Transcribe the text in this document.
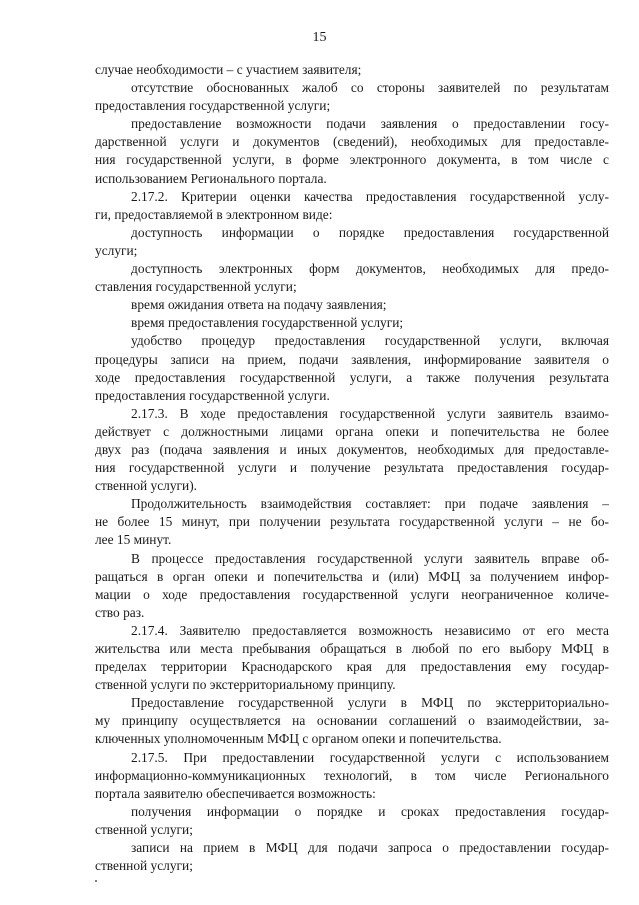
15
случае необходимости – с участием заявителя;
отсутствие обоснованных жалоб со стороны заявителей по результатам
предоставления государственной услуги;
предоставление возможности подачи заявления о предоставлении госу-
дарственной услуги и документов (сведений), необходимых для предоставле-
ния государственной услуги, в форме электронного документа, в том числе с
использованием Регионального портала.
2.17.2. Критерии оценки качества предоставления государственной услу-
ги, предоставляемой в электронном виде:
доступность информации о порядке предоставления государственной
услуги;
доступность электронных форм документов, необходимых для предо-
ставления государственной услуги;
время ожидания ответа на подачу заявления;
время предоставления государственной услуги;
удобство процедур предоставления государственной услуги, включая
процедуры записи на прием, подачи заявления, информирование заявителя о
ходе предоставления государственной услуги, а также получения результата
предоставления государственной услуги.
2.17.3. В ходе предоставления государственной услуги заявитель взаимо-
действует с должностными лицами органа опеки и попечительства не более
двух раз (подача заявления и иных документов, необходимых для предоставле-
ния государственной услуги и получение результата предоставления государ-
ственной услуги).
Продолжительность взаимодействия составляет: при подаче заявления –
не более 15 минут, при получении результата государственной услуги – не бо-
лее 15 минут.
В процессе предоставления государственной услуги заявитель вправе об-
ращаться в орган опеки и попечительства и (или) МФЦ за получением инфор-
мации о ходе предоставления государственной услуги неограниченное количе-
ство раз.
2.17.4. Заявителю предоставляется возможность независимо от его места
жительства или места пребывания обращаться в любой по его выбору МФЦ в
пределах территории Краснодарского края для предоставления ему государ-
ственной услуги по экстерриториальному принципу.
Предоставление государственной услуги в МФЦ по экстерриториально-
му принципу осуществляется на основании соглашений о взаимодействии, за-
ключенных уполномоченным МФЦ с органом опеки и попечительства.
2.17.5. При предоставлении государственной услуги с использованием
информационно-коммуникационных технологий, в том числе Регионального
портала заявителю обеспечивается возможность:
получения информации о порядке и сроках предоставления государ-
ственной услуги;
записи на прием в МФЦ для подачи запроса о предоставлении государ-
ственной услуги;
